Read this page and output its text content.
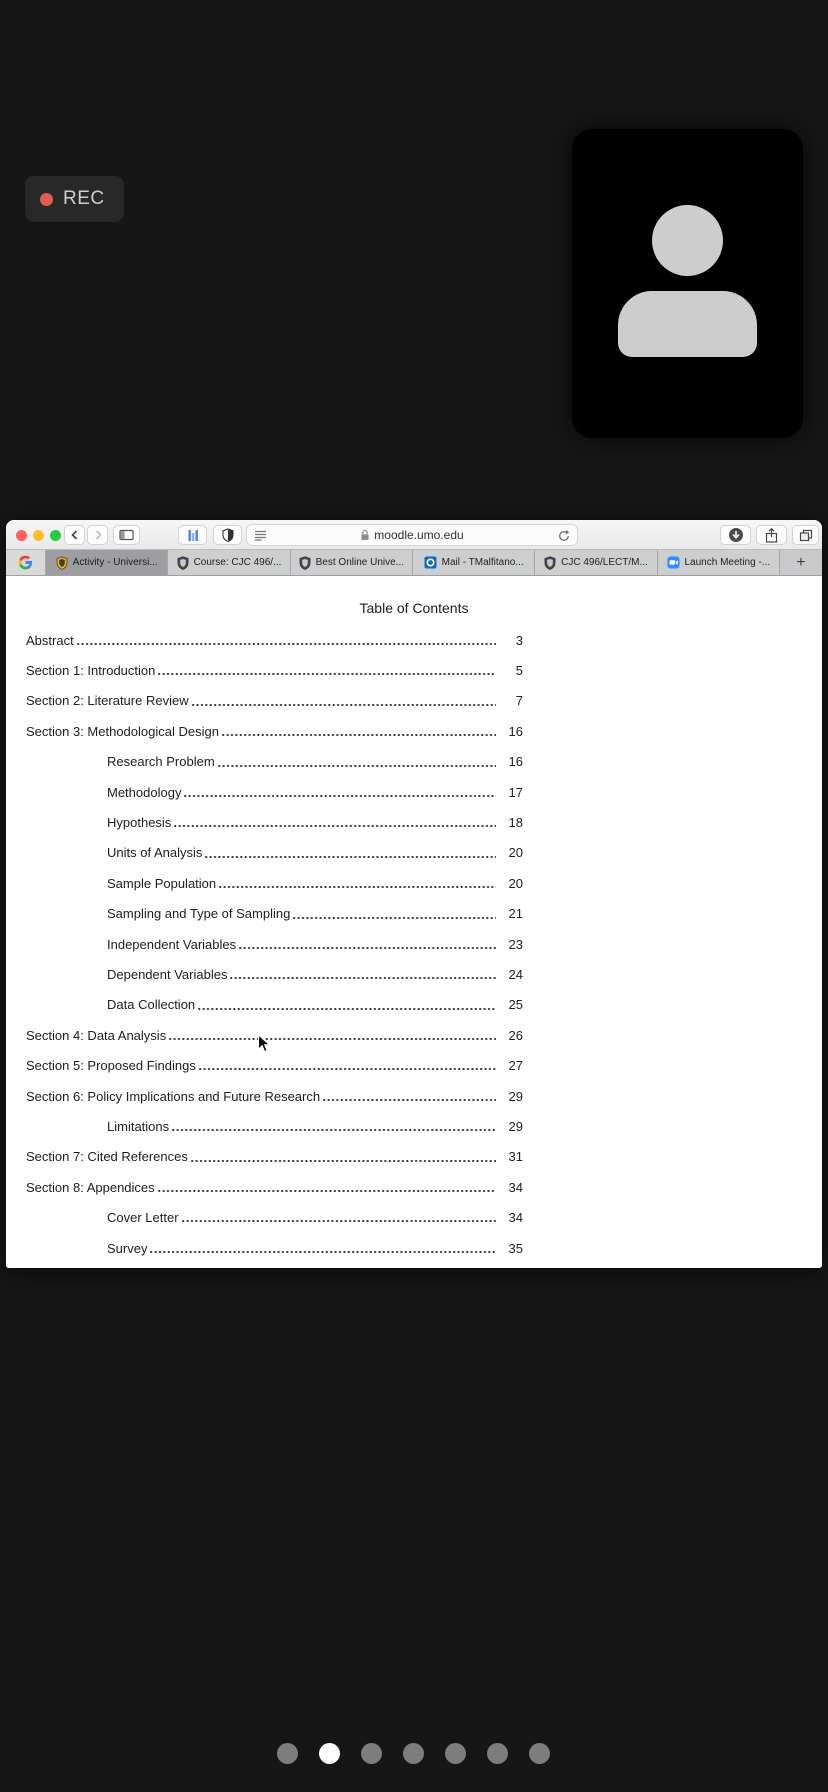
REC
moodle.umo.edu
Activity - Universi...	Course: CJC 496/...	Best Online Unive...	Mail - TMalfitano...	CJC 496/LECT/M...	Launch Meeting -...	+
Table of Contents
Abstract	3
Section 1: Introduction	5
Section 2: Literature Review	7
Section 3: Methodological Design	16
Research Problem	16
Methodology	17
Hypothesis	18
Units of Analysis	20
Sample Population	20
Sampling and Type of Sampling	21
Independent Variables	23
Dependent Variables	24
Data Collection	25
Section 4: Data Analysis	26
Section 5: Proposed Findings	27
Section 6: Policy Implications and Future Research	29
Limitations	29
Section 7: Cited References	31
Section 8: Appendices	34
Cover Letter	34
Survey	35
